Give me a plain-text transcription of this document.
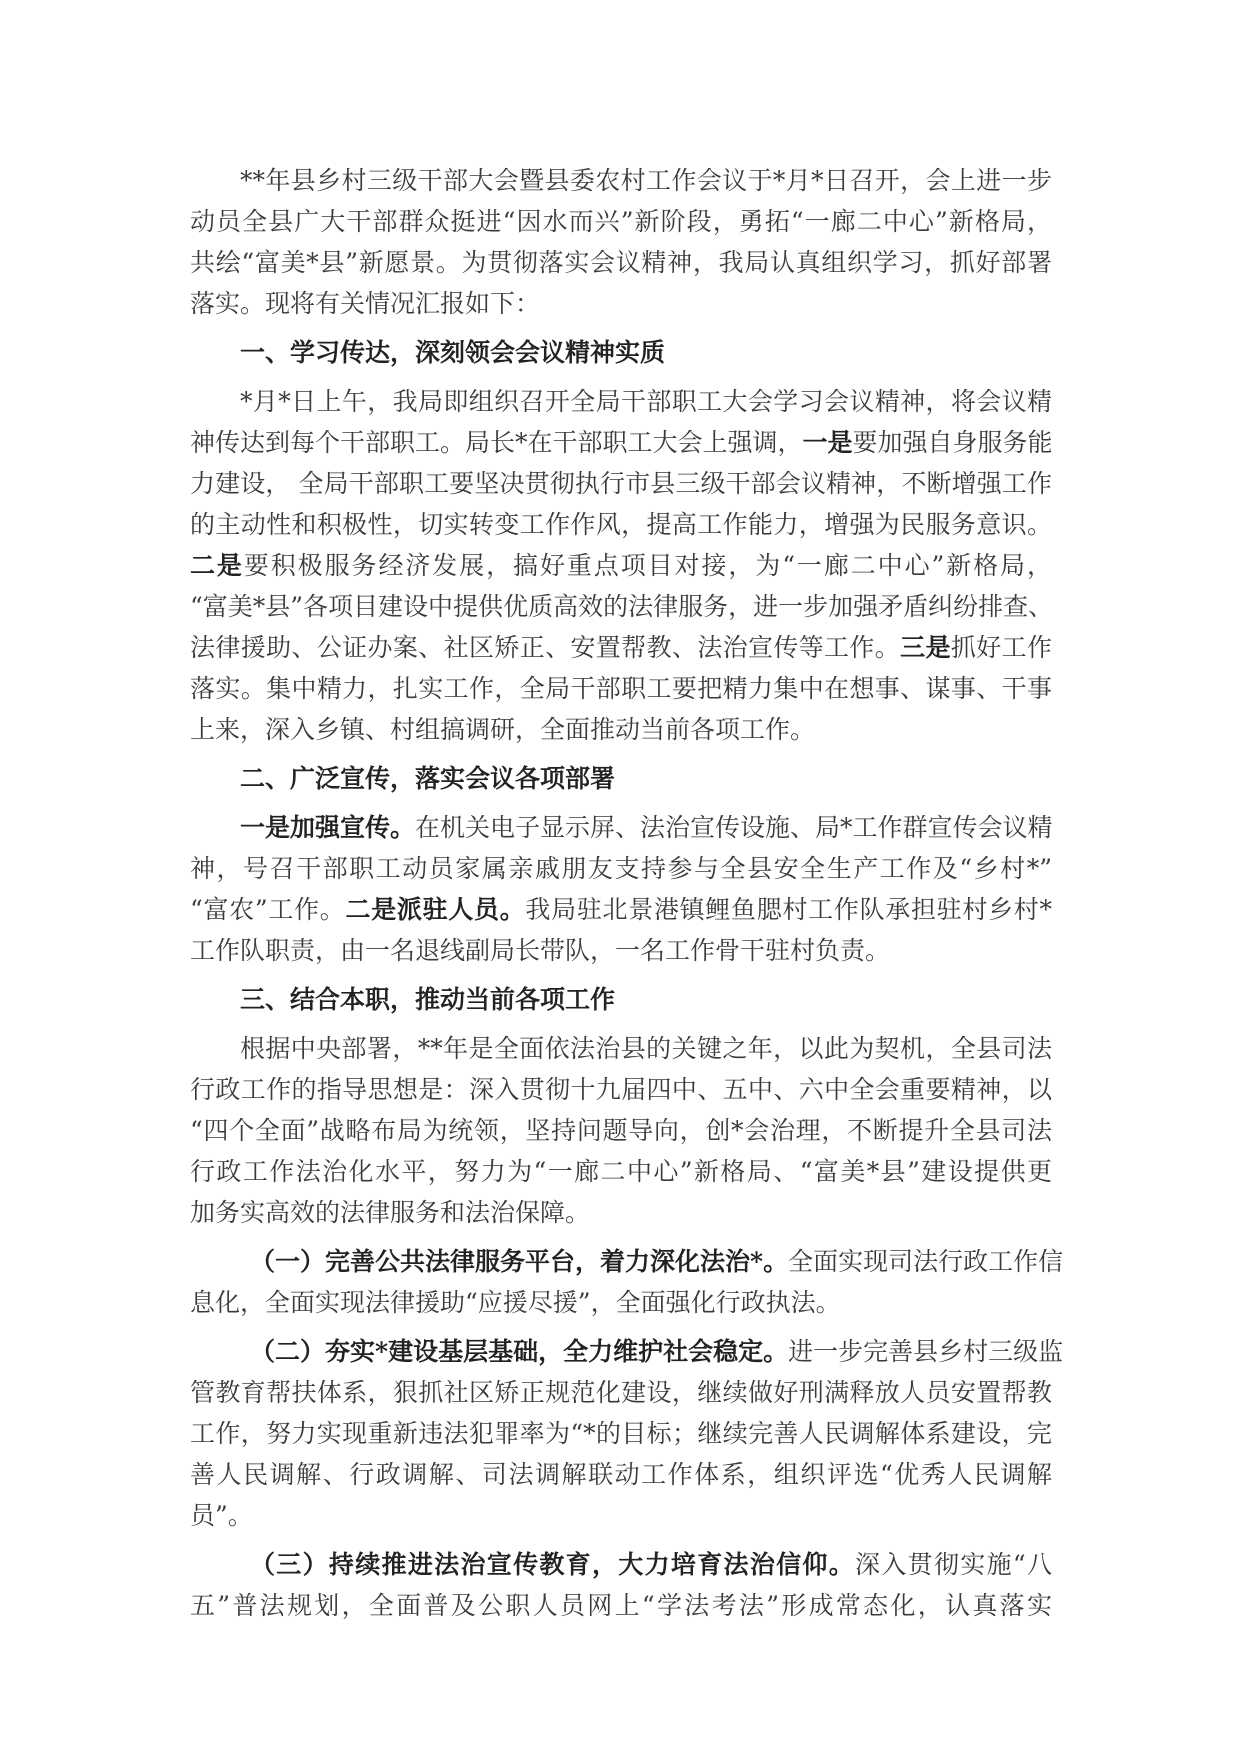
**年县乡村三级干部大会暨县委农村工作会议于*月*日召开，会上进一步
动员全县广大干部群众挺进“因水而兴”新阶段，勇拓“一廊二中心”新格局，
共绘“富美*县”新愿景。为贯彻落实会议精神，我局认真组织学习，抓好部署
落实。现将有关情况汇报如下：
一、学习传达，深刻领会会议精神实质
*月*日上午，我局即组织召开全局干部职工大会学习会议精神，将会议精
神传达到每个干部职工。局长*在干部职工大会上强调，一是要加强自身服务能
力建设， 全局干部职工要坚决贯彻执行市县三级干部会议精神，不断增强工作
的主动性和积极性，切实转变工作作风，提高工作能力，增强为民服务意识。
二是要积极服务经济发展，搞好重点项目对接，为“一廊二中心”新格局，
“富美*县”各项目建设中提供优质高效的法律服务，进一步加强矛盾纠纷排查、
法律援助、公证办案、社区矫正、安置帮教、法治宣传等工作。三是抓好工作
落实。集中精力，扎实工作，全局干部职工要把精力集中在想事、谋事、干事
上来，深入乡镇、村组搞调研，全面推动当前各项工作。
二、广泛宣传，落实会议各项部署
一是加强宣传。在机关电子显示屏、法治宣传设施、局*工作群宣传会议精
神，号召干部职工动员家属亲戚朋友支持参与全县安全生产工作及“乡村*”
“富农”工作。二是派驻人员。我局驻北景港镇鲤鱼腮村工作队承担驻村乡村*
工作队职责，由一名退线副局长带队，一名工作骨干驻村负责。
三、结合本职，推动当前各项工作
根据中央部署，**年是全面依法治县的关键之年，以此为契机，全县司法
行政工作的指导思想是：深入贯彻十九届四中、五中、六中全会重要精神，以
“四个全面”战略布局为统领，坚持问题导向，创*会治理，不断提升全县司法
行政工作法治化水平，努力为“一廊二中心”新格局、“富美*县”建设提供更
加务实高效的法律服务和法治保障。
（一）完善公共法律服务平台，着力深化法治*。全面实现司法行政工作信
息化，全面实现法律援助“应援尽援”，全面强化行政执法。
（二）夯实*建设基层基础，全力维护社会稳定。进一步完善县乡村三级监
管教育帮扶体系，狠抓社区矫正规范化建设，继续做好刑满释放人员安置帮教
工作，努力实现重新违法犯罪率为“*的目标；继续完善人民调解体系建设，完
善人民调解、行政调解、司法调解联动工作体系，组织评选“优秀人民调解
员”。
（三）持续推进法治宣传教育，大力培育法治信仰。深入贯彻实施“八
五”普法规划，全面普及公职人员网上“学法考法”形成常态化，认真落实
